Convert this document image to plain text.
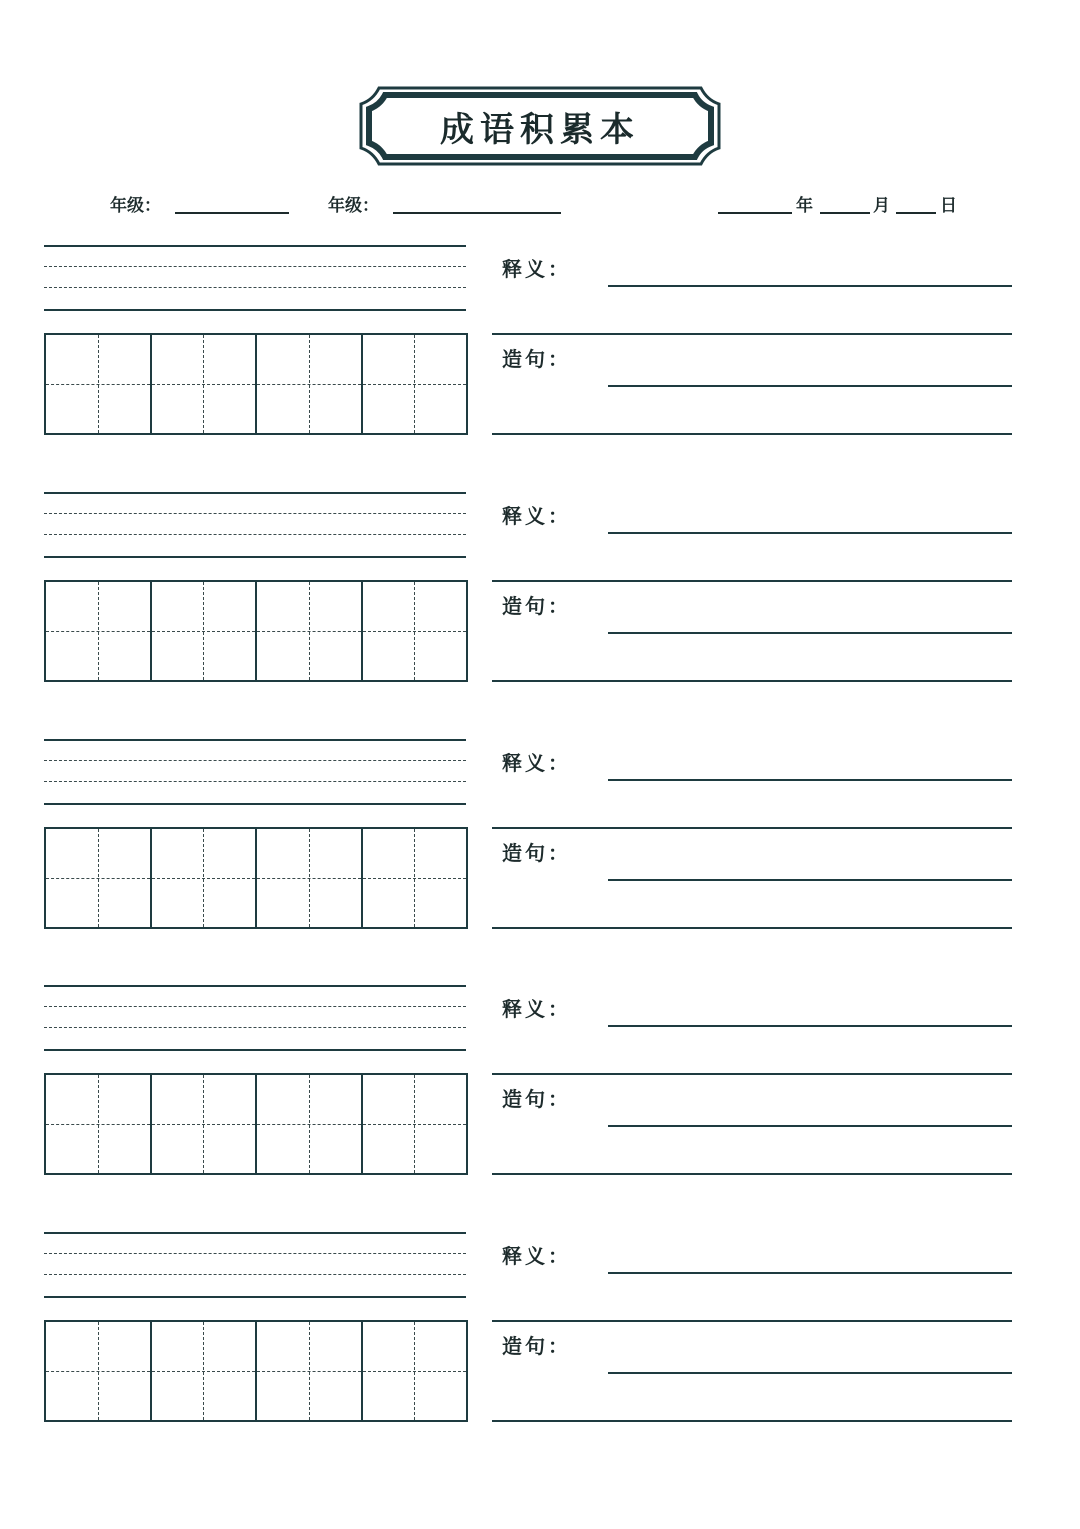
成语积累本
年级：	年级：	年	月	日
释义：
造句：
释义：
造句：
释义：
造句：
释义：
造句：
释义：
造句：
